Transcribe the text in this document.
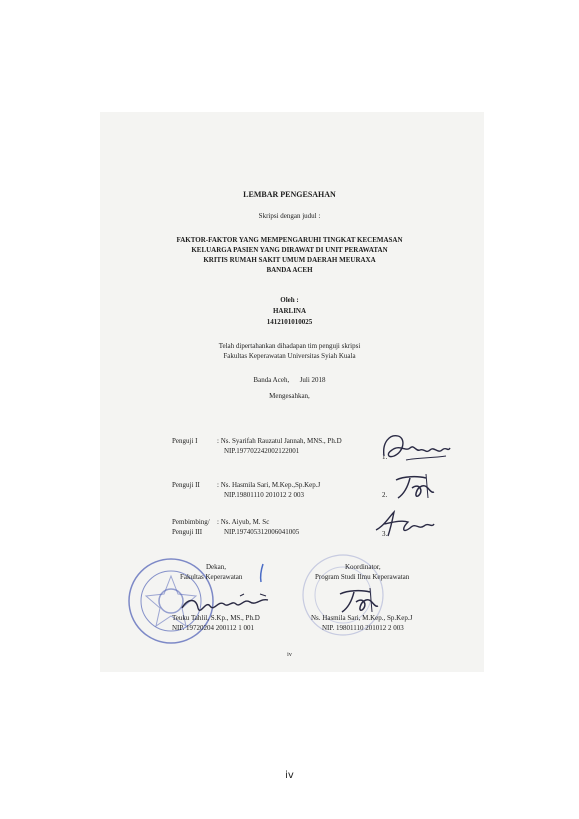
LEMBAR PENGESAHAN
Skripsi dengan judul :
FAKTOR-FAKTOR YANG MEMPENGARUHI TINGKAT KECEMASAN
KELUARGA PASIEN YANG DIRAWAT DI UNIT PERAWATAN
KRITIS RUMAH SAKIT UMUM DAERAH MEURAXA
BANDA ACEH
Oleh :
HARLINA
1412101010025
Telah dipertahankan dihadapan tim penguji skripsi
Fakultas Keperawatan Universitas Syiah Kuala
Banda Aceh,      Juli 2018
Mengesahkan,
Penguji I	: Ns. Syarifah Rauzatul Jannah, MNS., Ph.D
NIP.197702242002122001
1.
Penguji II : Ns. Hasmila Sari, M.Kep.,Sp.Kep.J
NIP.19801110 201012 2 003	2.
Pembimbing/
Penguji III
: Ns. Aiyub, M. Sc
NIP.197405312006041005	3.
Dekan,
Fakultas Keperawatan
Teuku Tahlil, S.Kp., MS., Ph.D
NIP. 19720204 200112 1 001
Koordinator,
Program Studi Ilmu Keperawatan
Ns. Hasmila Sari, M.Kep., Sp.Kep.J
NIP. 19801110 201012 2 003
iv
iv
